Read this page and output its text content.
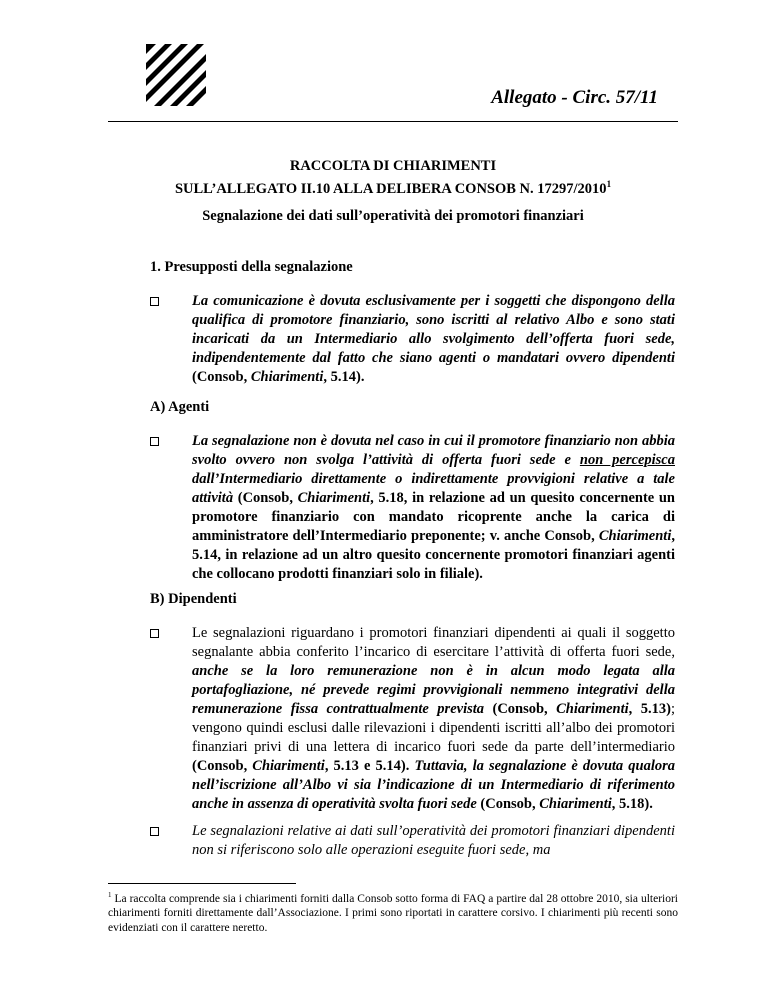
Allegato - Circ. 57/11
RACCOLTA DI CHIARIMENTI
SULL’ALLEGATO II.10 ALLA DELIBERA CONSOB N. 17297/2010$^1$
Segnalazione dei dati sull’operatività dei promotori finanziari
1. Presupposti della segnalazione
La comunicazione è dovuta esclusivamente per i soggetti che dispongono della qualifica di promotore finanziario, sono iscritti al relativo Albo e sono stati incaricati da un Intermediario allo svolgimento dell’offerta fuori sede, indipendentemente dal fatto che siano agenti o mandatari ovvero dipendenti (Consob, Chiarimenti, 5.14).
A) Agenti
La segnalazione non è dovuta nel caso in cui il promotore finanziario non abbia svolto ovvero non svolga l’attività di offerta fuori sede e non percepisca dall’Intermediario direttamente o indirettamente provvigioni relative a tale attività (Consob, Chiarimenti, 5.18, in relazione ad un quesito concernente un promotore finanziario con mandato ricoprente anche la carica di amministratore dell’Intermediario preponente; v. anche Consob, Chiarimenti, 5.14, in relazione ad un altro quesito concernente promotori finanziari agenti che collocano prodotti finanziari solo in filiale).
B) Dipendenti
Le segnalazioni riguardano i promotori finanziari dipendenti ai quali il soggetto segnalante abbia conferito l’incarico di esercitare l’attività di offerta fuori sede, anche se la loro remunerazione non è in alcun modo legata alla portafogliazione, né prevede regimi provvigionali nemmeno integrativi della remunerazione fissa contrattualmente prevista (Consob, Chiarimenti, 5.13); vengono quindi esclusi dalle rilevazioni i dipendenti iscritti all’albo dei promotori finanziari privi di una lettera di incarico fuori sede da parte dell’intermediario (Consob, Chiarimenti, 5.13 e 5.14). Tuttavia, la segnalazione è dovuta qualora nell’iscrizione all’Albo vi sia l’indicazione di un Intermediario di riferimento anche in assenza di operatività svolta fuori sede (Consob, Chiarimenti, 5.18).
Le segnalazioni relative ai dati sull’operatività dei promotori finanziari dipendenti non si riferiscono solo alle operazioni eseguite fuori sede, ma
$^1$ La raccolta comprende sia i chiarimenti forniti dalla Consob sotto forma di FAQ a partire dal 28 ottobre 2010, sia ulteriori chiarimenti forniti direttamente dall’Associazione. I primi sono riportati in carattere corsivo. I chiarimenti più recenti sono evidenziati con il carattere neretto.
